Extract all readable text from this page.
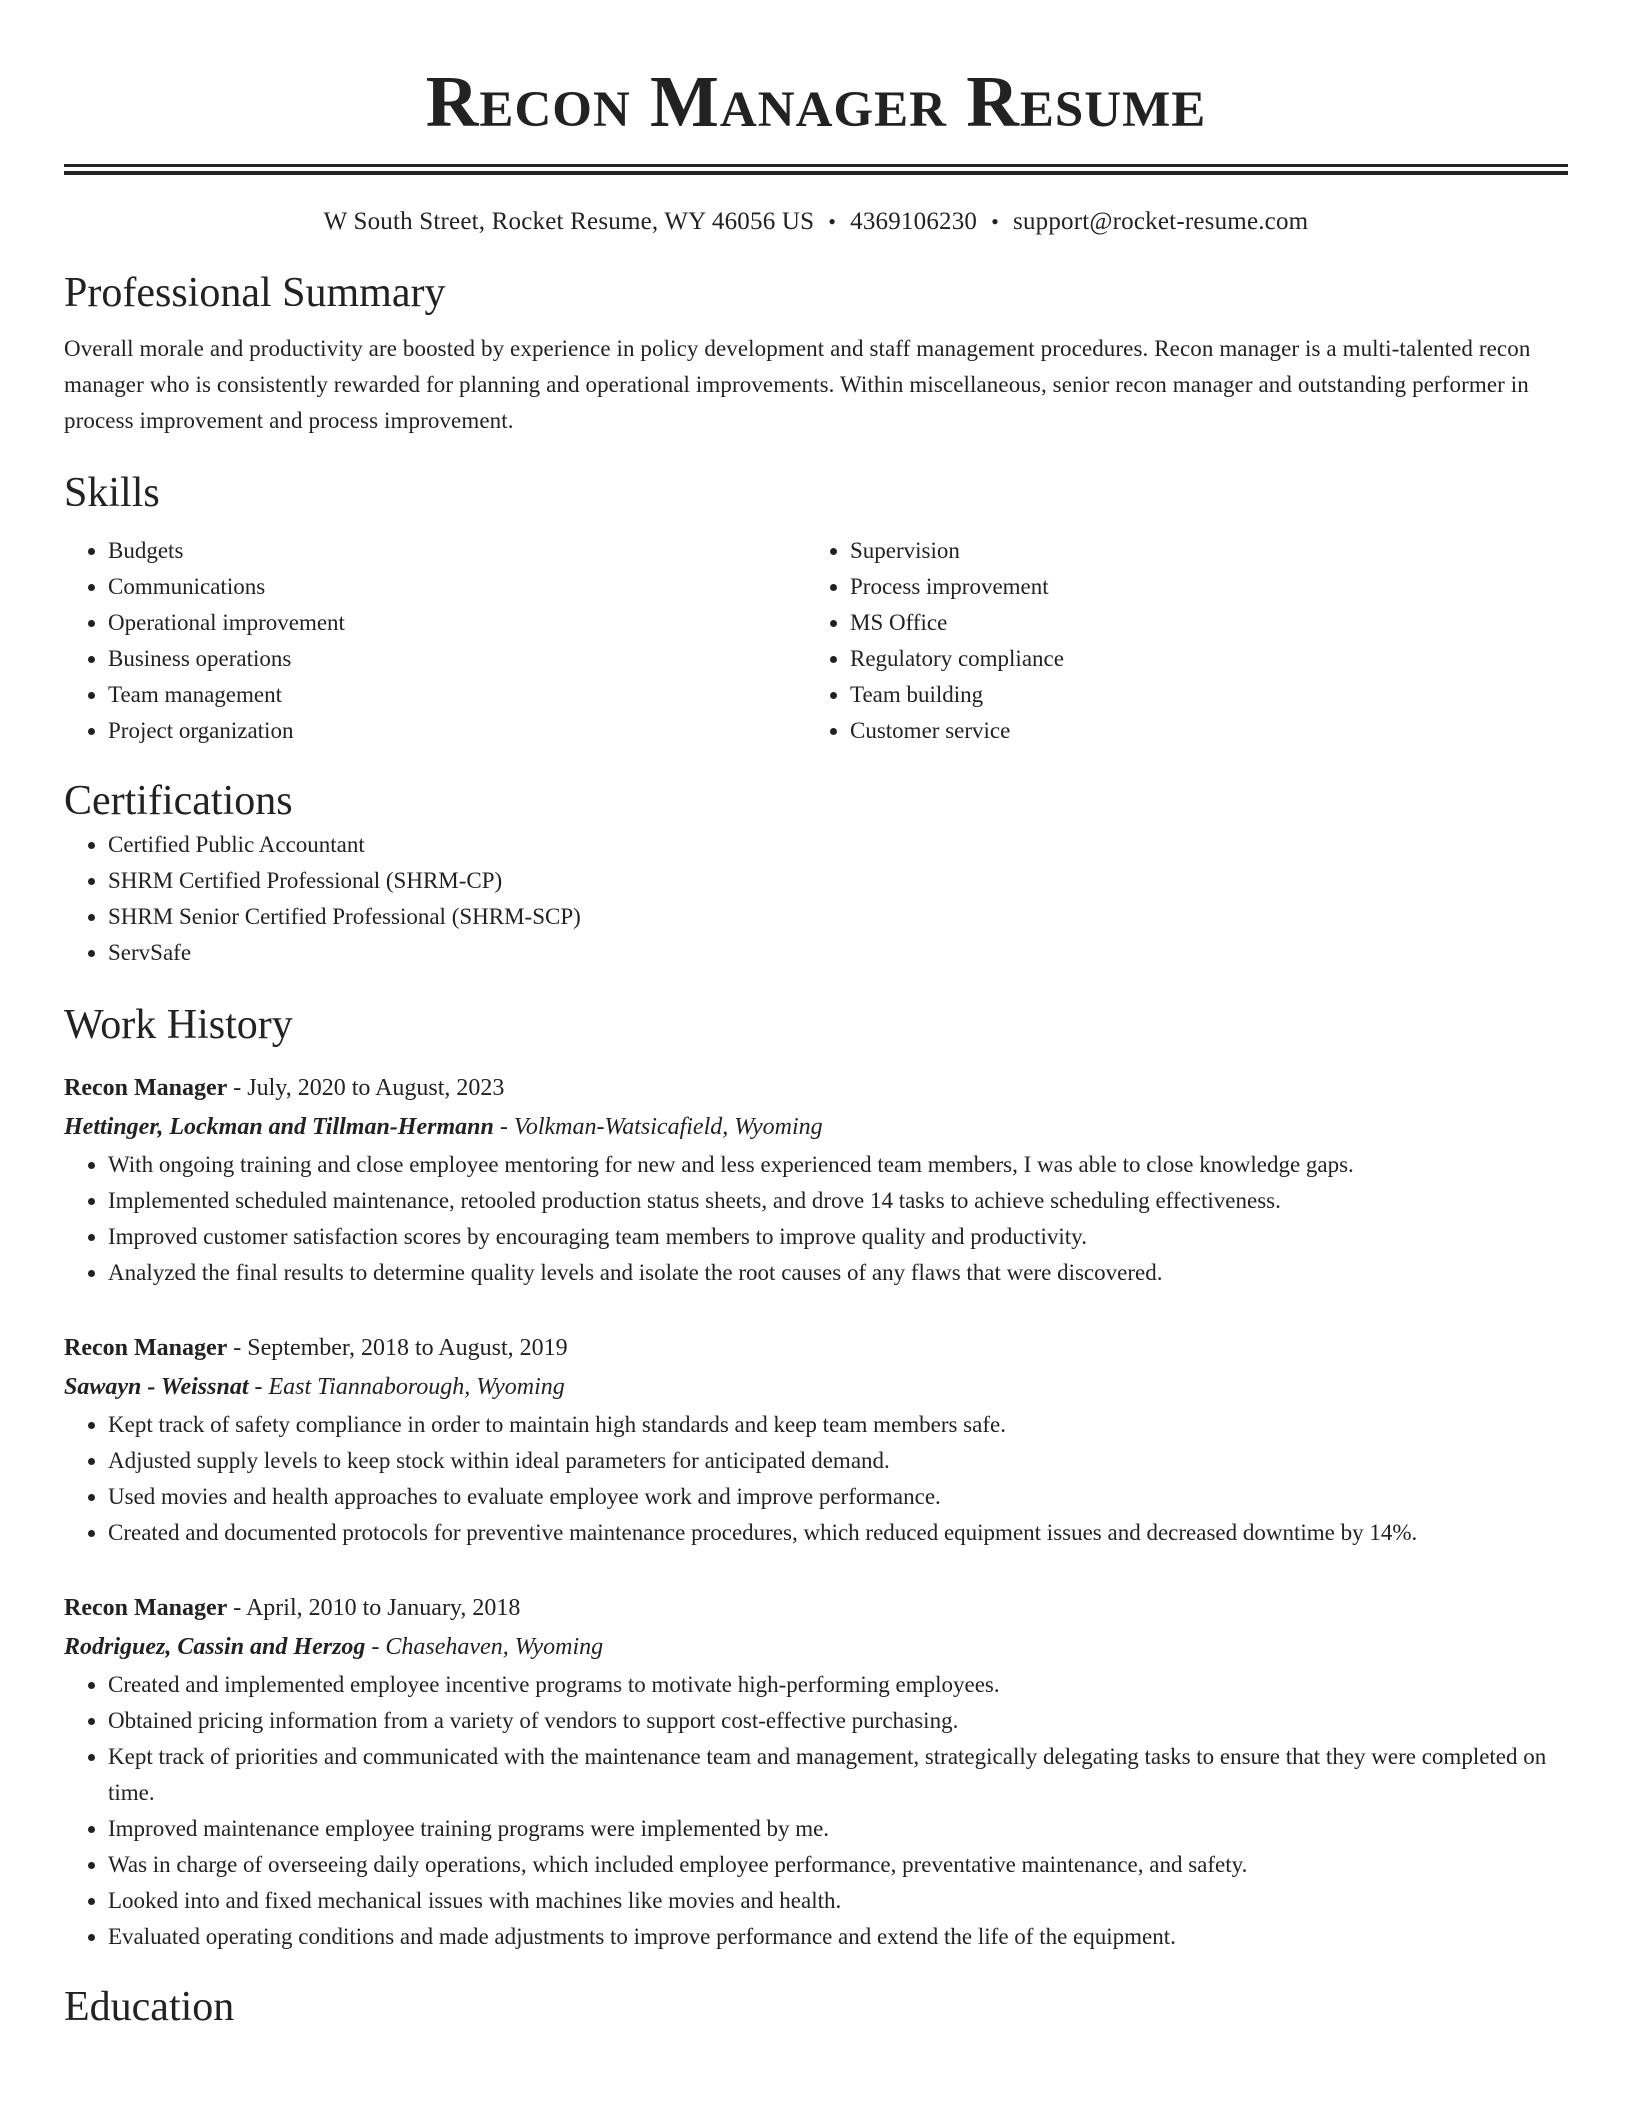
Recon Manager Resume
W South Street, Rocket Resume, WY 46056 US • 4369106230 • support@rocket-resume.com
Professional Summary

Overall morale and productivity are boosted by experience in policy development and staff management procedures. Recon manager is a multi-talented recon manager who is consistently rewarded for planning and operational improvements. Within miscellaneous, senior recon manager and outstanding performer in process improvement and process improvement.

Skills
• Budgets
• Communications
• Operational improvement
• Business operations
• Team management
• Project organization
• Supervision
• Process improvement
• MS Office
• Regulatory compliance
• Team building
• Customer service
Certifications
• Certified Public Accountant
• SHRM Certified Professional (SHRM-CP)
• SHRM Senior Certified Professional (SHRM-SCP)
• ServSafe
Work History
Recon Manager - July, 2020 to August, 2023
Hettinger, Lockman and Tillman-Hermann - Volkman-Watsicafield, Wyoming
• With ongoing training and close employee mentoring for new and less experienced team members, I was able to close knowledge gaps.
• Implemented scheduled maintenance, retooled production status sheets, and drove 14 tasks to achieve scheduling effectiveness.
• Improved customer satisfaction scores by encouraging team members to improve quality and productivity.
• Analyzed the final results to determine quality levels and isolate the root causes of any flaws that were discovered.
Recon Manager - September, 2018 to August, 2019
Sawayn - Weissnat - East Tiannaborough, Wyoming
• Kept track of safety compliance in order to maintain high standards and keep team members safe.
• Adjusted supply levels to keep stock within ideal parameters for anticipated demand.
• Used movies and health approaches to evaluate employee work and improve performance.
• Created and documented protocols for preventive maintenance procedures, which reduced equipment issues and decreased downtime by 14%.
Recon Manager - April, 2010 to January, 2018
Rodriguez, Cassin and Herzog - Chasehaven, Wyoming
• Created and implemented employee incentive programs to motivate high-performing employees.
• Obtained pricing information from a variety of vendors to support cost-effective purchasing.
• Kept track of priorities and communicated with the maintenance team and management, strategically delegating tasks to ensure that they were completed on time.
• Improved maintenance employee training programs were implemented by me.
• Was in charge of overseeing daily operations, which included employee performance, preventative maintenance, and safety.
• Looked into and fixed mechanical issues with machines like movies and health.
• Evaluated operating conditions and made adjustments to improve performance and extend the life of the equipment.
Education
